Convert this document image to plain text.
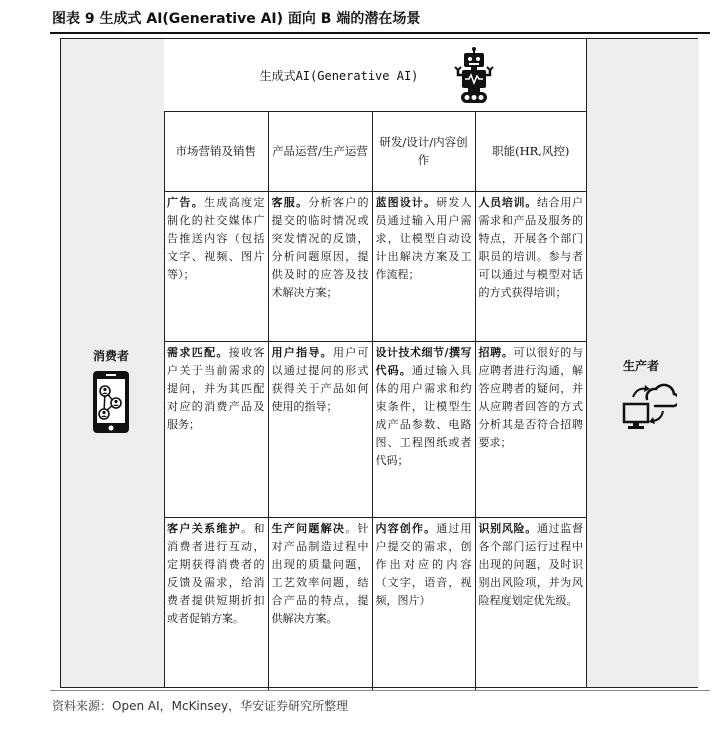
图表 9 生成式 AI(Generative AI) 面向 B 端的潜在场景
消费者
生产者
生成式AI(Generative AI)
市场营销及销售	产品运营/生产运营	研发/设计/内容创作	职能(HR,风控)
广告。生成高度定制化的社交媒体广告推送内容（包括文字、视频、图片等）；	客服。分析客户的提交的临时情况或突发情况的反馈，分析问题原因，提供及时的应答及技术解决方案；	蓝图设计。研发人员通过输入用户需求，让模型自动设计出解决方案及工作流程；	人员培训。结合用户需求和产品及服务的特点，开展各个部门职员的培训。参与者可以通过与模型对话的方式获得培训；
需求匹配。接收客户关于当前需求的提问，并为其匹配对应的消费产品及服务；	用户指导。用户可以通过提问的形式获得关于产品如何使用的指导；	设计技术细节/撰写代码。通过输入具体的用户需求和约束条件，让模型生成产品参数、电路图、工程图纸或者代码；	招聘。可以很好的与应聘者进行沟通，解答应聘者的疑问，并从应聘者回答的方式分析其是否符合招聘要求；
客户关系维护。和消费者进行互动，定期获得消费者的反馈及需求，给消费者提供短期折扣或者促销方案。	生产问题解决。针对产品制造过程中出现的质量问题，工艺效率问题，结合产品的特点，提供解决方案。	内容创作。通过用户提交的需求，创作出对应的内容（文字，语音，视频，图片）	识别风险。通过监督各个部门运行过程中出现的问题，及时识别出风险项，并为风险程度划定优先级。
资料来源：Open AI，McKinsey，华安证券研究所整理
